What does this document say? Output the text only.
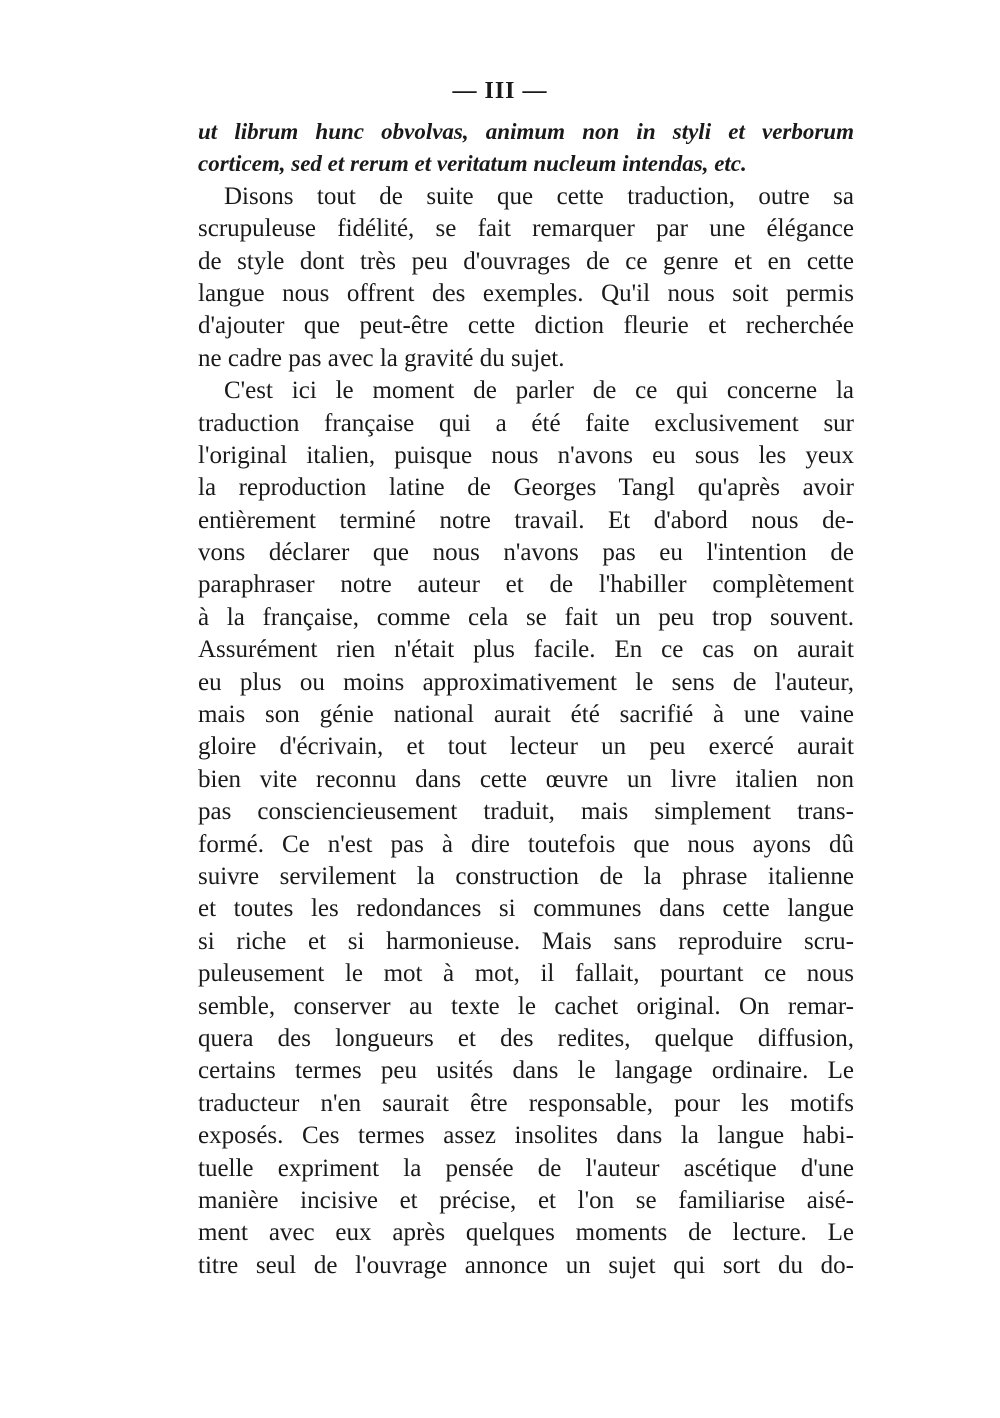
— III —
ut librum hunc obvolvas, animum non in styli et verborum
corticem, sed et rerum et veritatum nucleum intendas, etc.
Disons tout de suite que cette traduction, outre sa
scrupuleuse fidélité, se fait remarquer par une élégance
de style dont très peu d'ouvrages de ce genre et en cette
langue nous offrent des exemples. Qu'il nous soit permis
d'ajouter que peut-être cette diction fleurie et recherchée
ne cadre pas avec la gravité du sujet.
C'est ici le moment de parler de ce qui concerne la
traduction française qui a été faite exclusivement sur
l'original italien, puisque nous n'avons eu sous les yeux
la reproduction latine de Georges Tangl qu'après avoir
entièrement terminé notre travail. Et d'abord nous de-
vons déclarer que nous n'avons pas eu l'intention de
paraphraser notre auteur et de l'habiller complètement
à la française, comme cela se fait un peu trop souvent.
Assurément rien n'était plus facile. En ce cas on aurait
eu plus ou moins approximativement le sens de l'auteur,
mais son génie national aurait été sacrifié à une vaine
gloire d'écrivain, et tout lecteur un peu exercé aurait
bien vite reconnu dans cette œuvre un livre italien non
pas consciencieusement traduit, mais simplement trans-
formé. Ce n'est pas à dire toutefois que nous ayons dû
suivre servilement la construction de la phrase italienne
et toutes les redondances si communes dans cette langue
si riche et si harmonieuse. Mais sans reproduire scru-
puleusement le mot à mot, il fallait, pourtant ce nous
semble, conserver au texte le cachet original. On remar-
quera des longueurs et des redites, quelque diffusion,
certains termes peu usités dans le langage ordinaire. Le
traducteur n'en saurait être responsable, pour les motifs
exposés. Ces termes assez insolites dans la langue habi-
tuelle expriment la pensée de l'auteur ascétique d'une
manière incisive et précise, et l'on se familiarise aisé-
ment avec eux après quelques moments de lecture. Le
titre seul de l'ouvrage annonce un sujet qui sort du do-
